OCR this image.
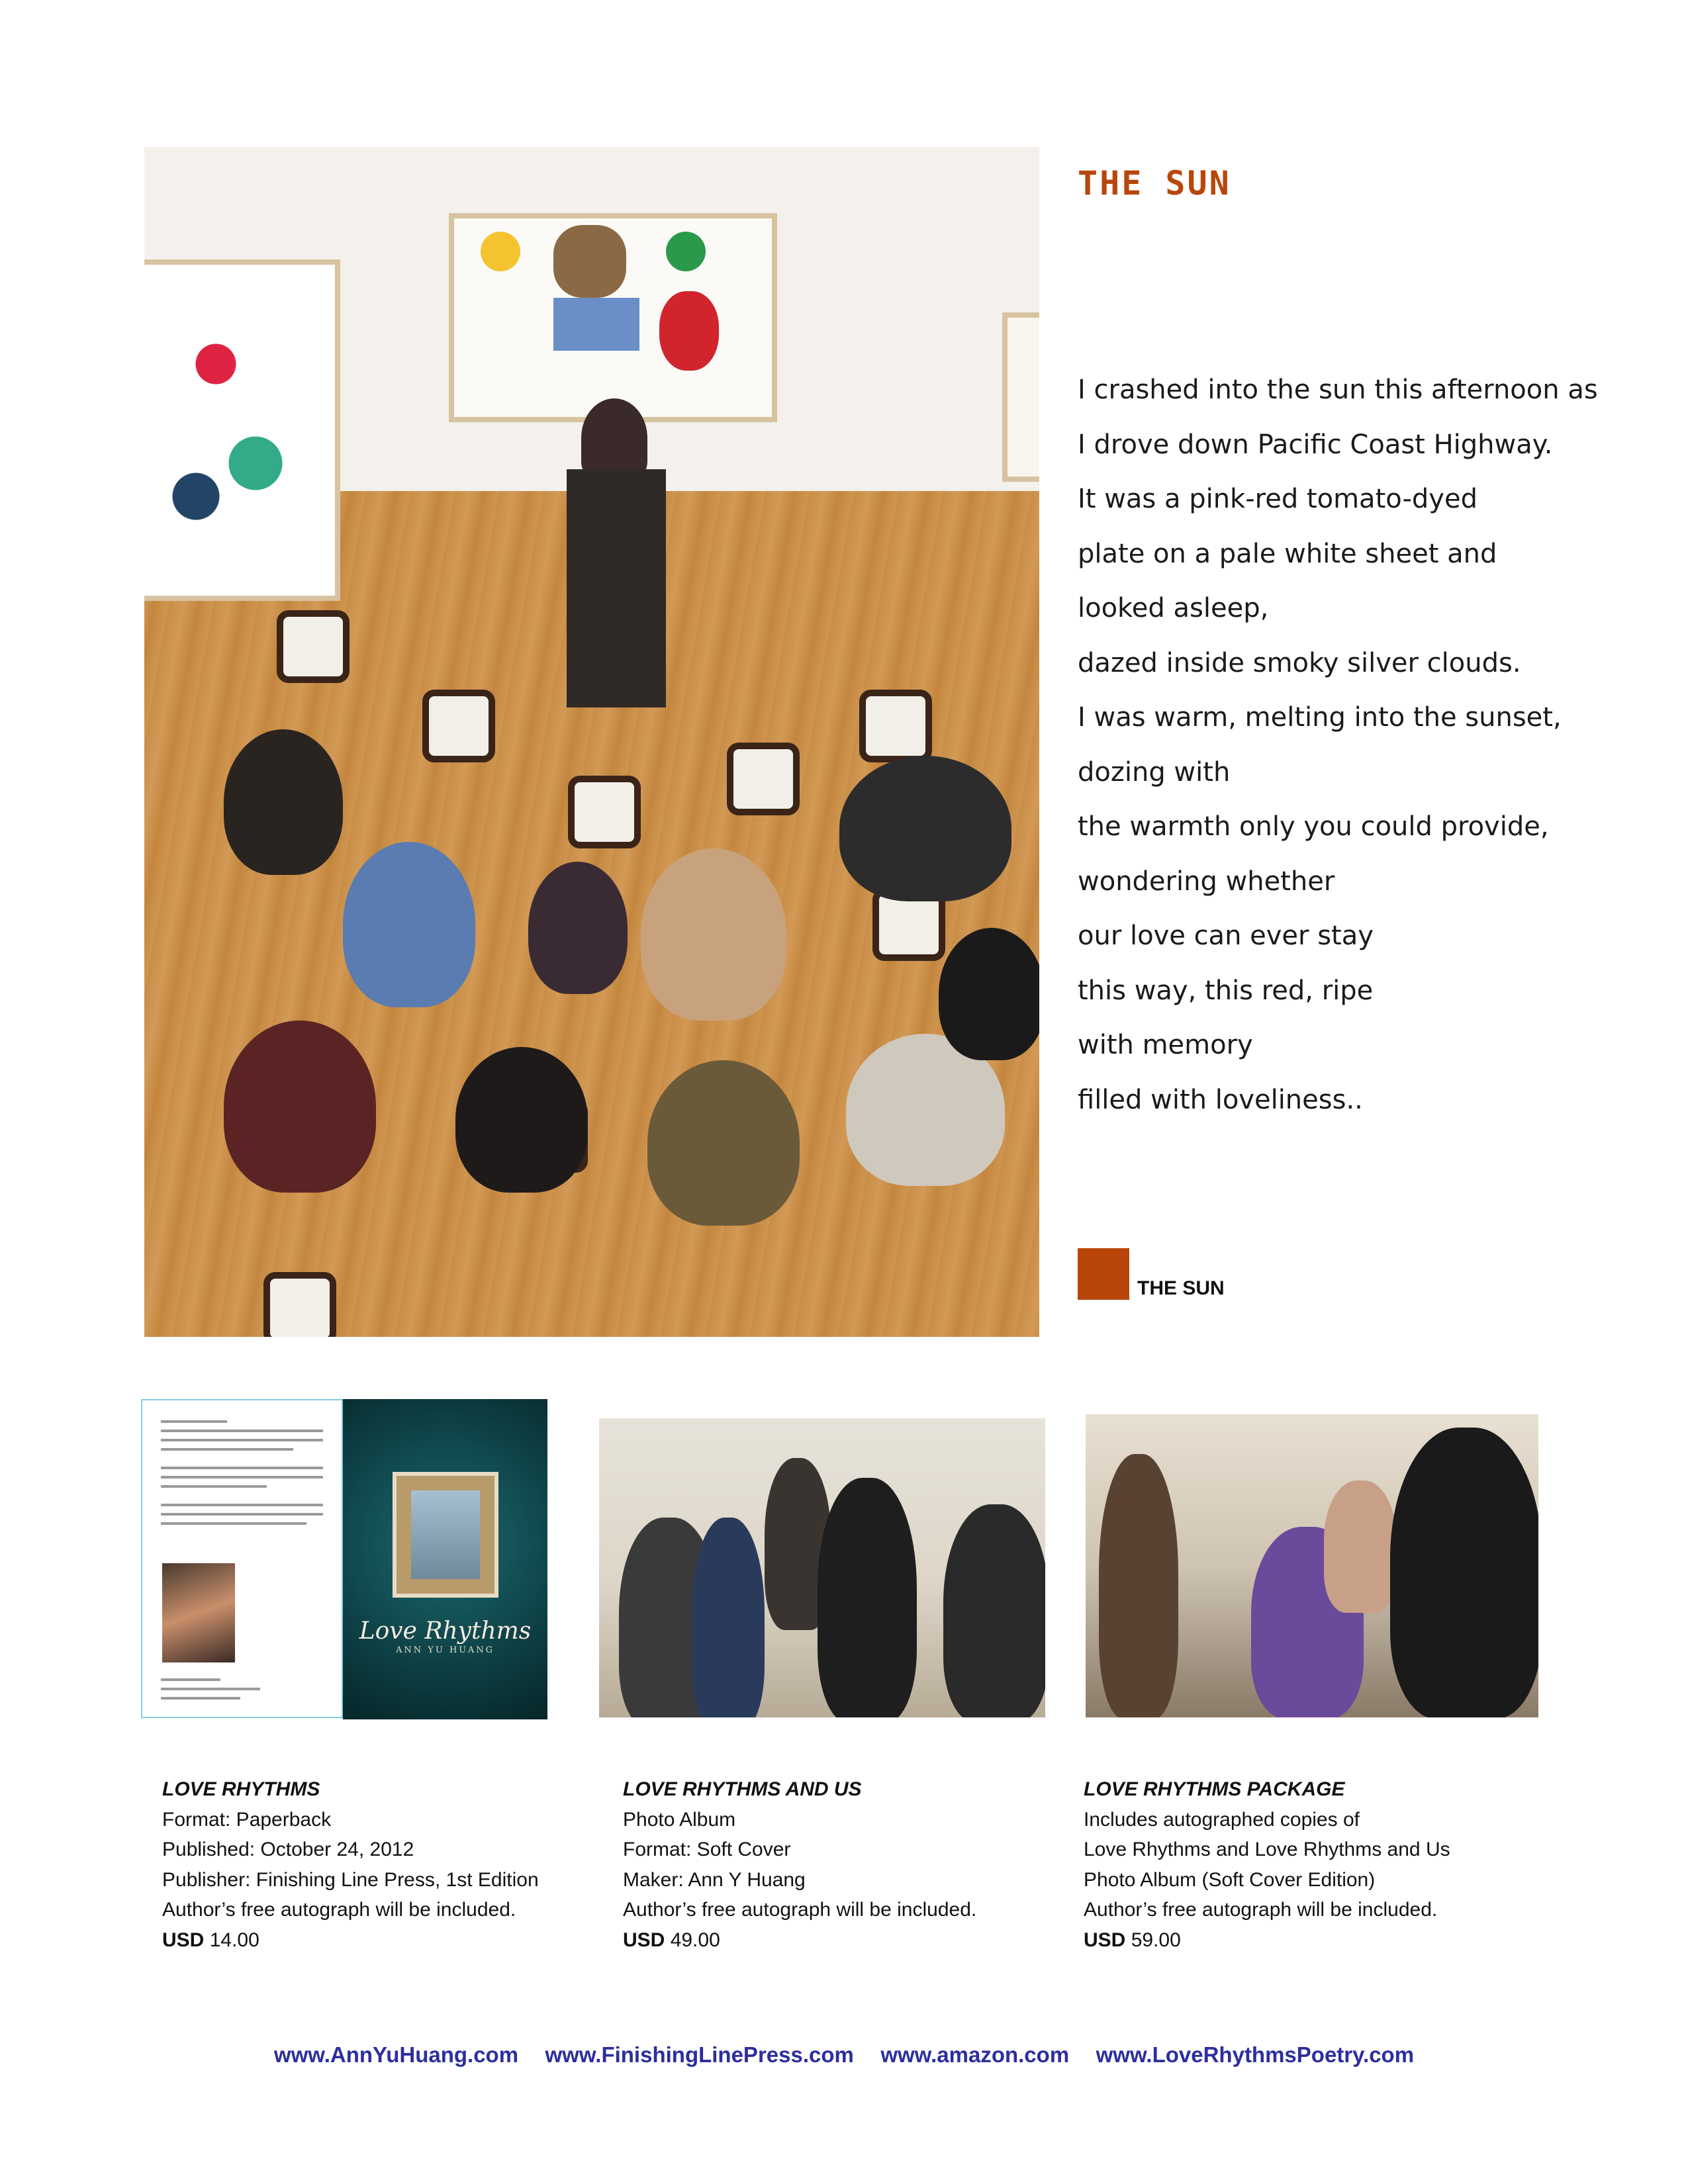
THE SUN
I crashed into the sun this afternoon as
I drove down Pacific Coast Highway.
It was a pink-red tomato-dyed
plate on a pale white sheet and
looked asleep,
dazed inside smoky silver clouds.
I was warm, melting into the sunset,
dozing with
the warmth only you could provide,
wondering whether
our love can ever stay
this way, this red, ripe
with memory
filled with loveliness..
THE SUN
Love Rhythms
ANN YU HUANG
LOVE RHYTHMS
Format: Paperback
Published: October 24, 2012
Publisher: Finishing Line Press, 1st Edition
Author’s free autograph will be included.
USD 14.00
LOVE RHYTHMS AND US
Photo Album
Format: Soft Cover
Maker: Ann Y Huang
Author’s free autograph will be included.
USD 49.00
LOVE RHYTHMS PACKAGE
Includes autographed copies of
Love Rhythms and Love Rhythms and Us
Photo Album (Soft Cover Edition)
Author’s free autograph will be included.
USD 59.00
www.AnnYuHuang.com www.FinishingLinePress.com www.amazon.com www.LoveRhythmsPoetry.com
